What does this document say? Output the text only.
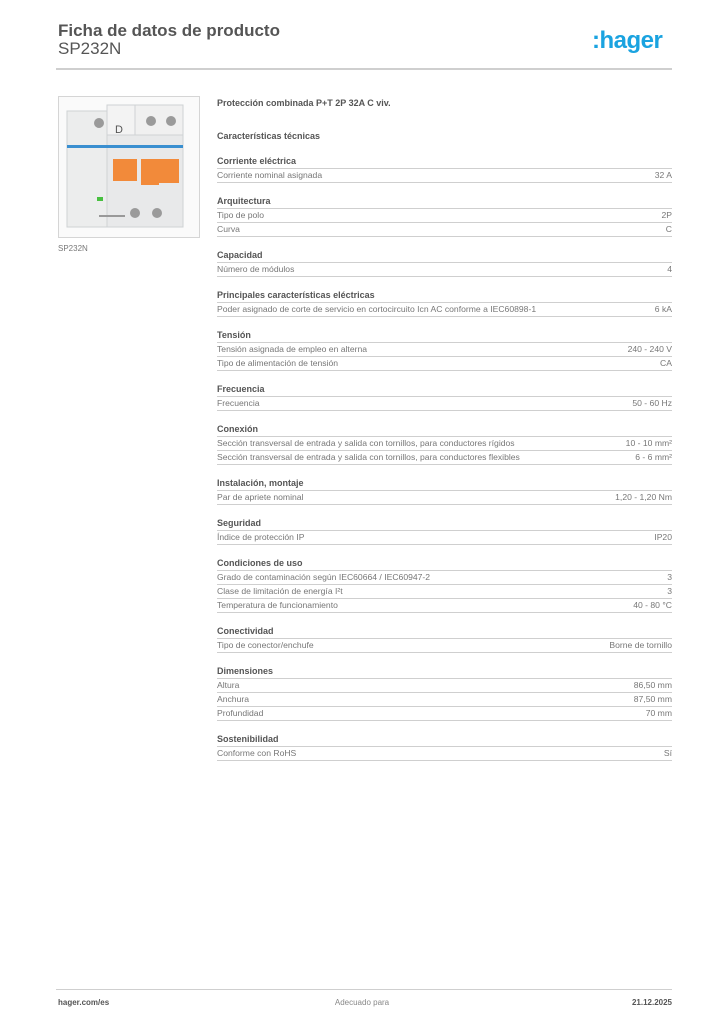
Ficha de datos de producto
SP232N	:hager
D
SP232N
Protección combinada P+T 2P 32A C viv.
Características técnicas
Corriente eléctrica
Corriente nominal asignada	32 A
Arquitectura
Tipo de polo	2P
Curva	C
Capacidad
Número de módulos	4
Principales características eléctricas
Poder asignado de corte de servicio en cortocircuito Icn AC conforme a IEC60898-1	6 kA
Tensión
Tensión asignada de empleo en alterna	240 - 240 V
Tipo de alimentación de tensión	CA
Frecuencia
Frecuencia	50 - 60 Hz
Conexión
Sección transversal de entrada y salida con tornillos, para conductores rígidos	10 - 10 mm²
Sección transversal de entrada y salida con tornillos, para conductores flexibles	6 - 6 mm²
Instalación, montaje
Par de apriete nominal	1,20 - 1,20 Nm
Seguridad
Índice de protección IP	IP20
Condiciones de uso
Grado de contaminación según IEC60664 / IEC60947-2	3
Clase de limitación de energía I²t	3
Temperatura de funcionamiento	40 - 80 °C
Conectividad
Tipo de conector/enchufe	Borne de tornillo
Dimensiones
Altura	86,50 mm
Anchura	87,50 mm
Profundidad	70 mm
Sostenibilidad
Conforme con RoHS	Sí
hager.com/es	Adecuado para	21.12.2025
